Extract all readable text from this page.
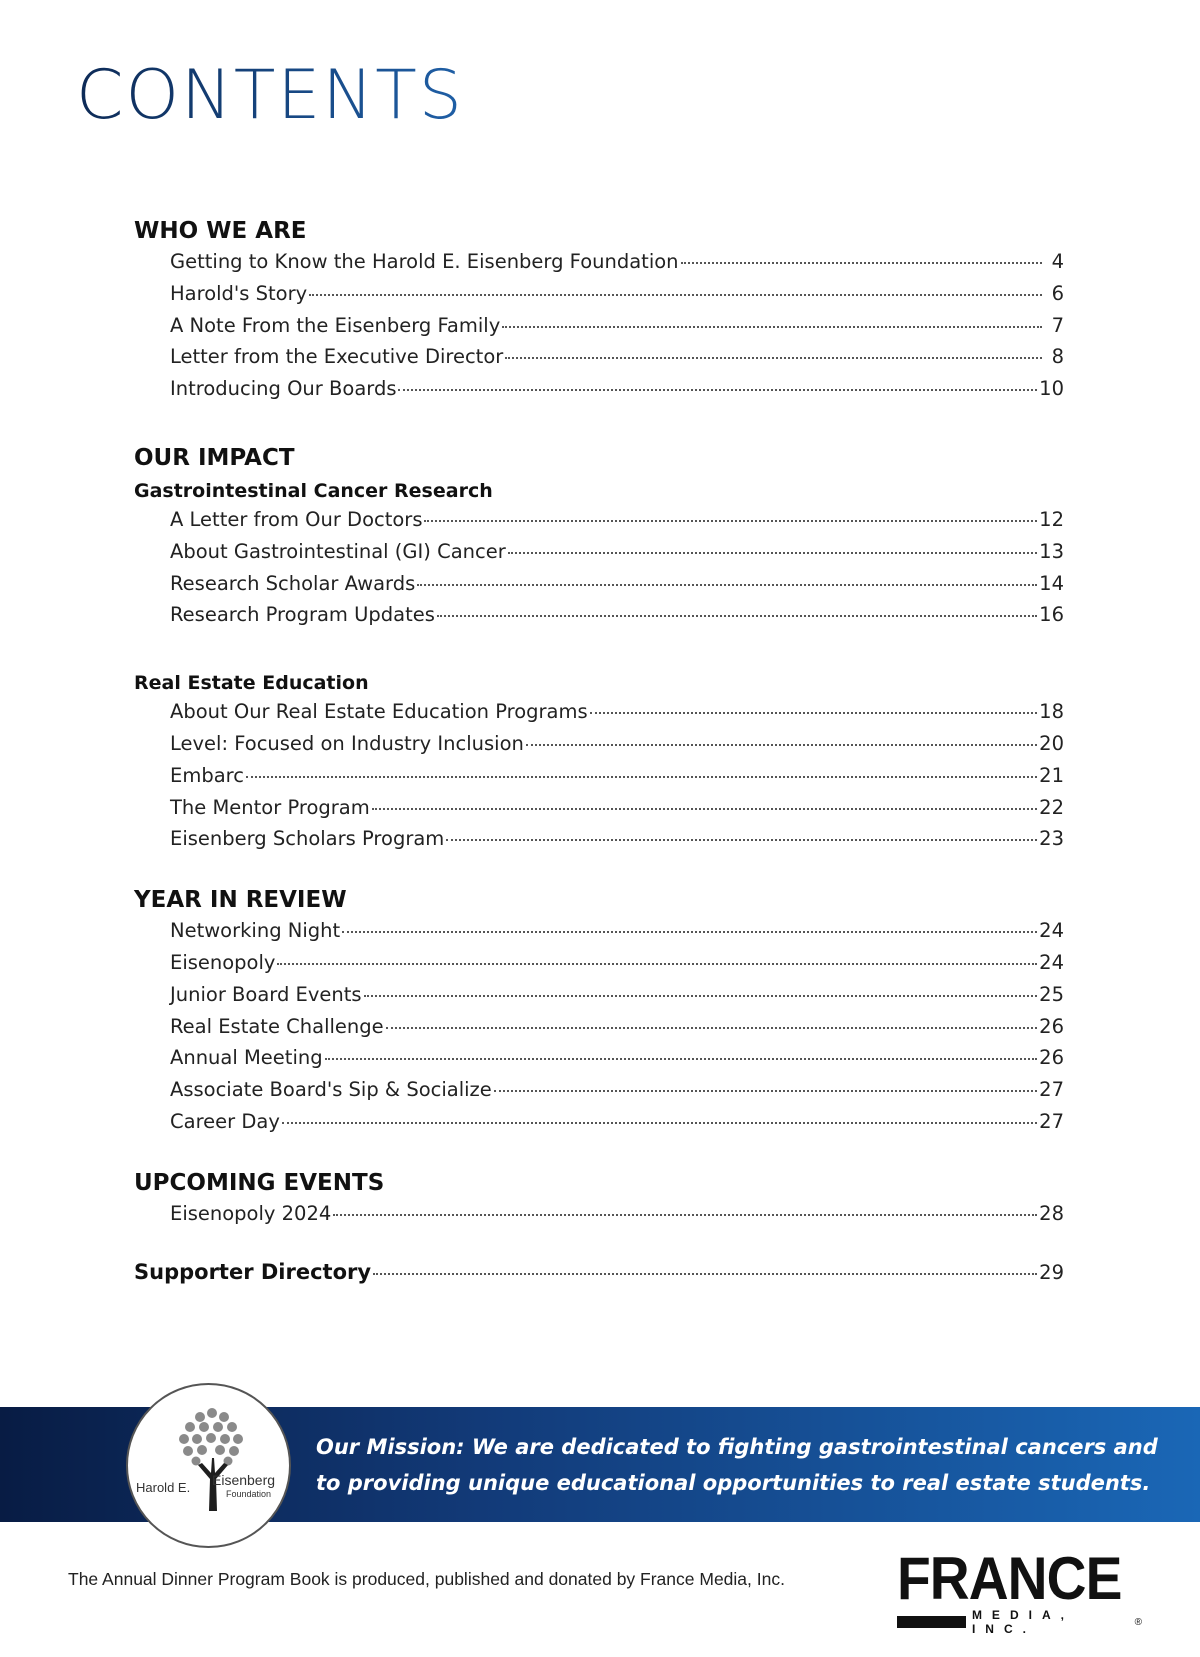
CONTENTS
WHO WE ARE
Getting to Know the Harold E. Eisenberg Foundation	4
Harold's Story	6
A Note From the Eisenberg Family	7
Letter from the Executive Director	8
Introducing Our Boards	10
OUR IMPACT
Gastrointestinal Cancer Research
A Letter from Our Doctors	12
About Gastrointestinal (GI) Cancer	13
Research Scholar Awards	14
Research Program Updates	16
Real Estate Education
About Our Real Estate Education Programs	18
Level: Focused on Industry Inclusion	20
Embarc	21
The Mentor Program	22
Eisenberg Scholars Program	23
YEAR IN REVIEW
Networking Night	24
Eisenopoly	24
Junior Board Events	25
Real Estate Challenge	26
Annual Meeting	26
Associate Board's Sip & Socialize	27
Career Day	27
UPCOMING EVENTS
Eisenopoly 2024	28
Supporter Directory	29
Our Mission: We are dedicated to fighting gastrointestinal cancers and
to providing unique educational opportunities to real estate students.
Harold E. Eisenberg
Foundation
The Annual Dinner Program Book is produced, published and donated by France Media, Inc. FRANCE
MEDIA, INC.	®
